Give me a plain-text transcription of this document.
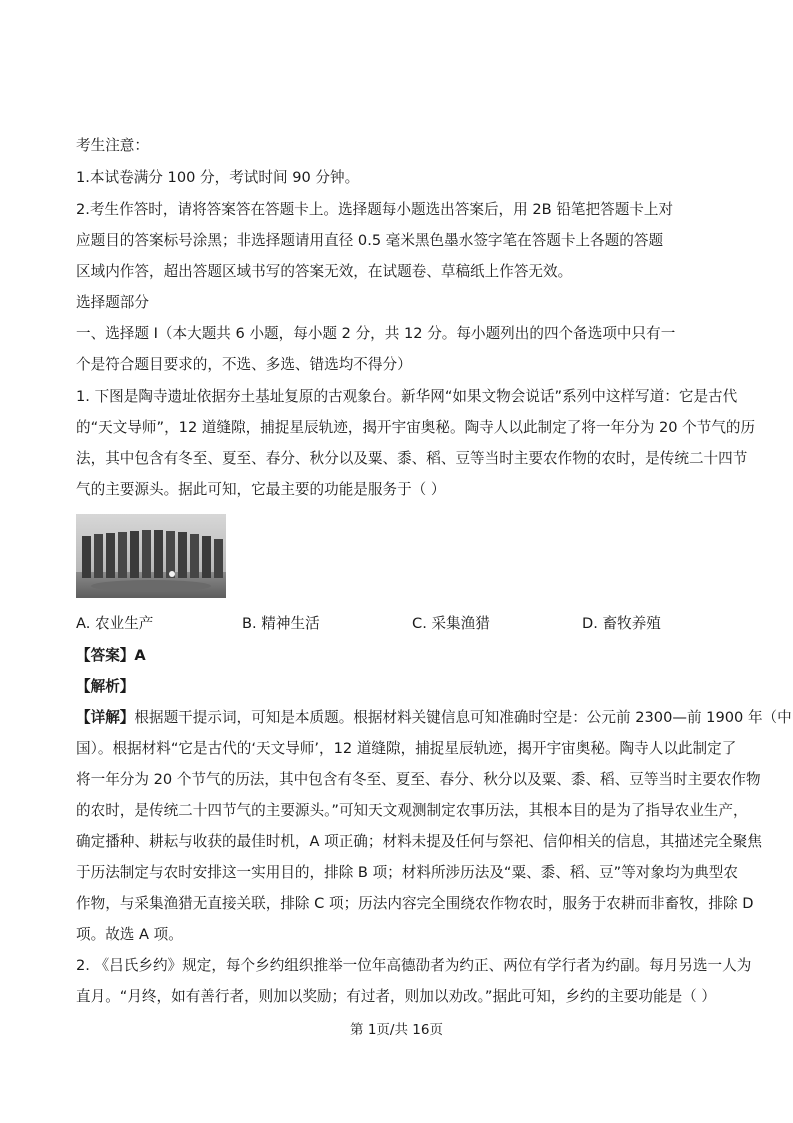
考生注意：
1.本试卷满分 100 分，考试时间 90 分钟。
2.考生作答时，请将答案答在答题卡上。选择题每小题选出答案后，用 2B 铅笔把答题卡上对
应题目的答案标号涂黑；非选择题请用直径 0.5 毫米黑色墨水签字笔在答题卡上各题的答题
区域内作答，超出答题区域书写的答案无效，在试题卷、草稿纸上作答无效。
选择题部分
一、选择题 I（本大题共 6 小题，每小题 2 分，共 12 分。每小题列出的四个备选项中只有一
个是符合题目要求的，不选、多选、错选均不得分）
1. 下图是陶寺遗址依据夯土基址复原的古观象台。新华网“如果文物会说话”系列中这样写道：它是古代
的“天文导师”，12 道缝隙，捕捉星辰轨迹，揭开宇宙奥秘。陶寺人以此制定了将一年分为 20 个节气的历
法，其中包含有冬至、夏至、春分、秋分以及粟、黍、稻、豆等当时主要农作物的农时，是传统二十四节
气的主要源头。据此可知，它最主要的功能是服务于（ ）
A. 农业生产	B. 精神生活	C. 采集渔猎	D. 畜牧养殖
【答案】A
【解析】
【详解】根据题干提示词，可知是本质题。根据材料关键信息可知准确时空是：公元前 2300—前 1900 年（中
国）。根据材料“它是古代的‘天文导师’，12 道缝隙，捕捉星辰轨迹，揭开宇宙奥秘。陶寺人以此制定了
将一年分为 20 个节气的历法，其中包含有冬至、夏至、春分、秋分以及粟、黍、稻、豆等当时主要农作物
的农时，是传统二十四节气的主要源头。”可知天文观测制定农事历法，其根本目的是为了指导农业生产，
确定播种、耕耘与收获的最佳时机，A 项正确；材料未提及任何与祭祀、信仰相关的信息，其描述完全聚焦
于历法制定与农时安排这一实用目的，排除 B 项；材料所涉历法及“粟、黍、稻、豆”等对象均为典型农
作物，与采集渔猎无直接关联，排除 C 项；历法内容完全围绕农作物农时，服务于农耕而非畜牧，排除 D
项。故选 A 项。
2. 《吕氏乡约》规定，每个乡约组织推举一位年高德劭者为约正、两位有学行者为约副。每月另选一人为
直月。“月终，如有善行者，则加以奖励；有过者，则加以劝改。”据此可知，乡约的主要功能是（ ）
第 1页/共 16页
